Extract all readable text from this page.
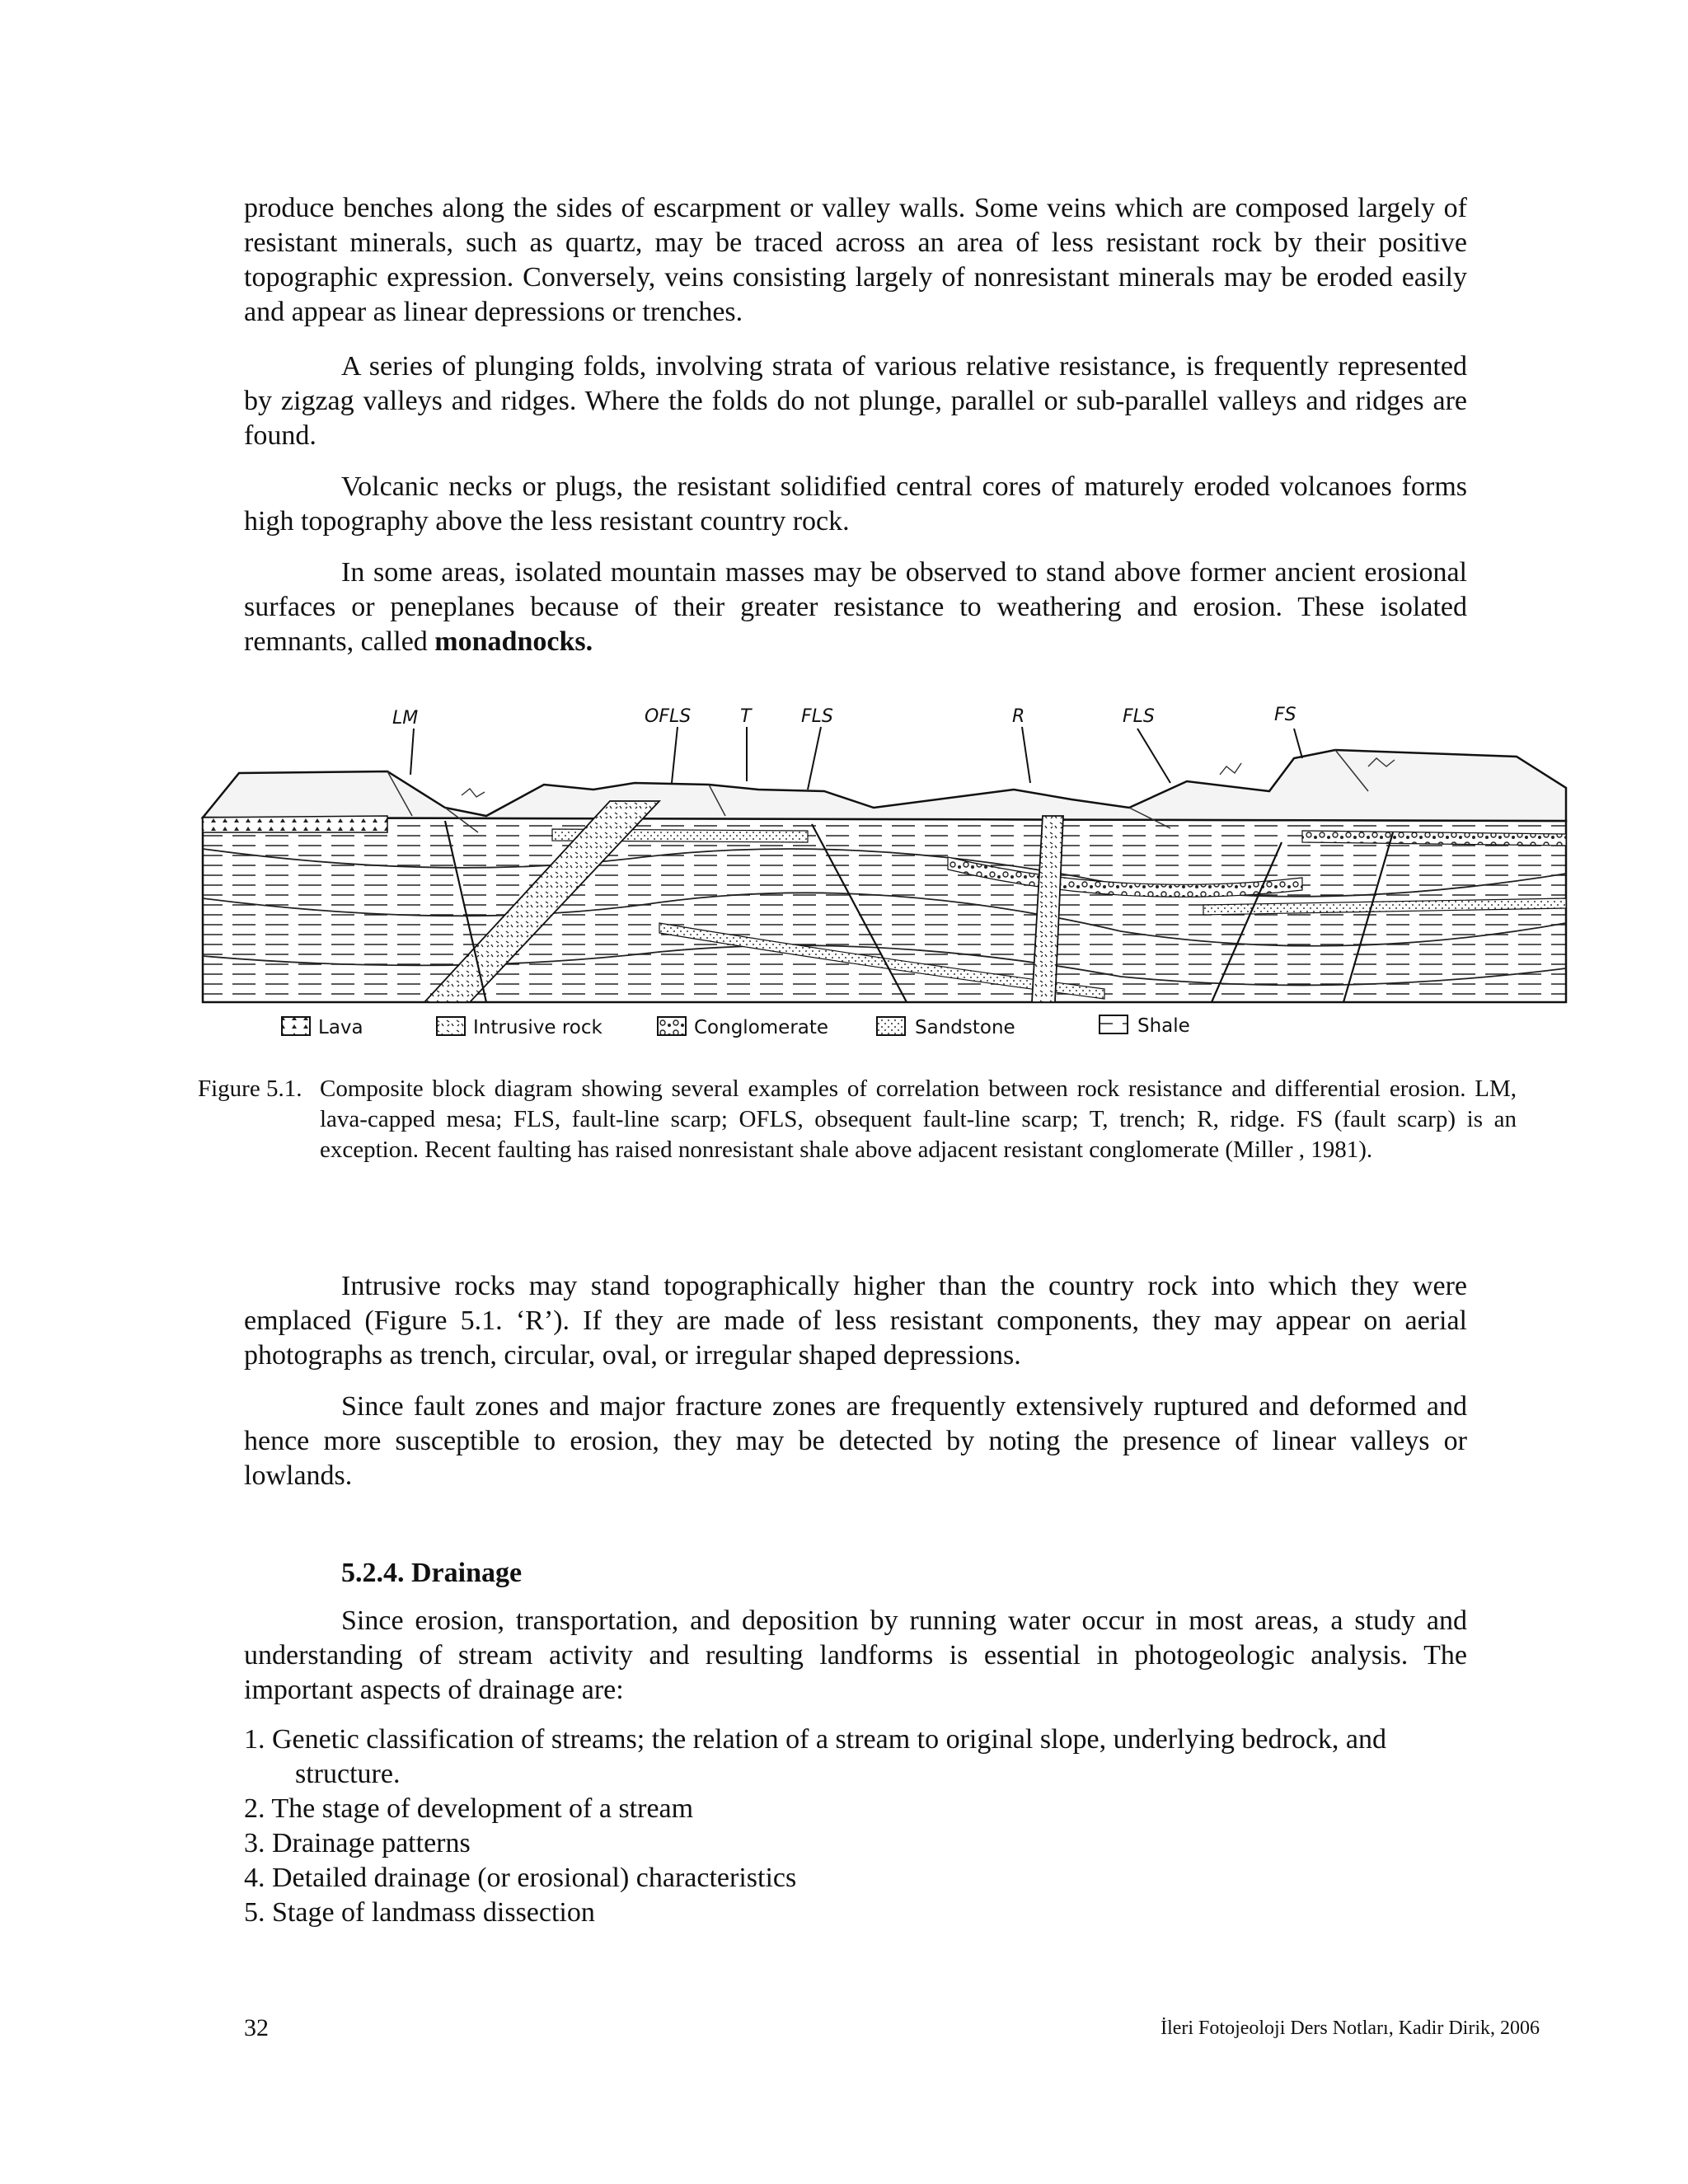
produce benches along the sides of escarpment or valley walls. Some veins which are composed largely of resistant minerals, such as quartz, may be traced across an area of less resistant rock by their positive topographic expression. Conversely, veins consisting largely of nonresistant minerals may be eroded easily and appear as linear depressions or trenches.

A series of plunging folds, involving strata of various relative resistance, is frequently represented by zigzag valleys and ridges. Where the folds do not plunge, parallel or sub-parallel valleys and ridges are found.

Volcanic necks or plugs, the resistant solidified central cores of maturely eroded volcanoes forms high topography above the less resistant country rock.

In some areas, isolated mountain masses may be observed to stand above former ancient erosional surfaces or peneplanes because of their greater resistance to weathering and erosion. These isolated remnants, called monadnocks.

LM	OFLS	T	FLS	R	FLS	FS
Lava	Intrusive rock	Conglomerate	Sandstone	Shale
Figure 5.1. Composite block diagram showing several examples of correlation between rock resistance and differential erosion. LM, lava-capped mesa; FLS, fault-line scarp; OFLS, obsequent fault-line scarp; T, trench; R, ridge. FS (fault scarp) is an exception. Recent faulting has raised nonresistant shale above adjacent resistant conglomerate (Miller , 1981).

Intrusive rocks may stand topographically higher than the country rock into which they were emplaced (Figure 5.1. ‘R’). If they are made of less resistant components, they may appear on aerial photographs as trench, circular, oval, or irregular shaped depressions.

Since fault zones and major fracture zones are frequently extensively ruptured and deformed and hence more susceptible to erosion, they may be detected by noting the presence of linear valleys or lowlands.

5.2.4. Drainage

Since erosion, transportation, and deposition by running water occur in most areas, a study and understanding of stream activity and resulting landforms is essential in photogeologic analysis. The important aspects of drainage are:

1. Genetic classification of streams; the relation of a stream to original slope, underlying bedrock, and structure.
2. The stage of development of a stream
3. Drainage patterns
4. Detailed drainage (or erosional) characteristics
5. Stage of landmass dissection
32	İleri Fotojeoloji Ders Notları, Kadir Dirik, 2006
